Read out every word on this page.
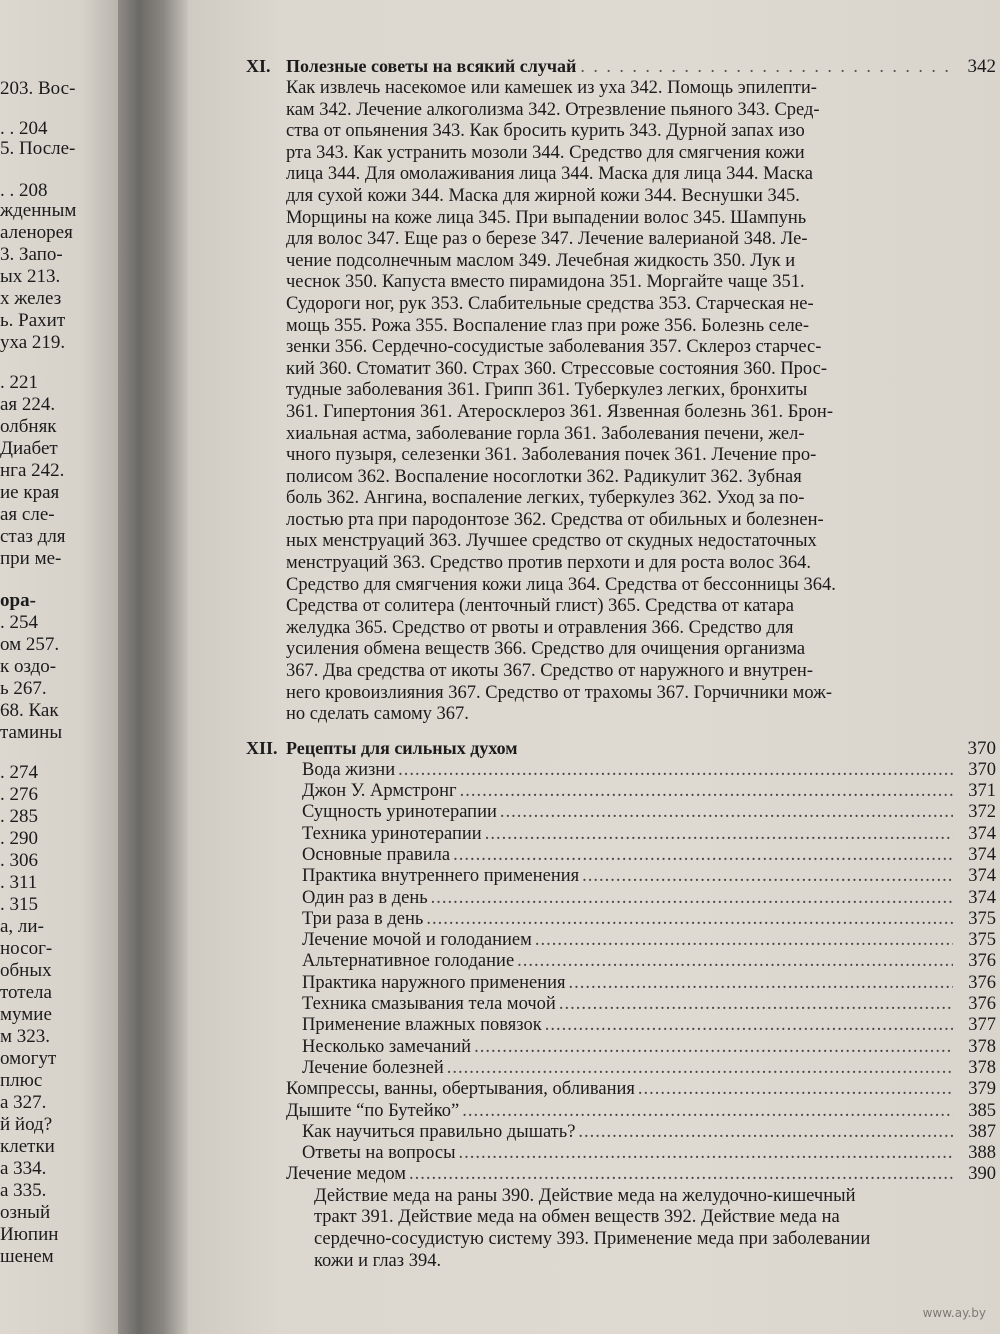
203. Вос-
. . 204
5. После-
. . 208
жденным
аленорея
3. Запо-
ых 213.
х желез
ь. Рахит
уха 219.
. 221
ая 224.
олбняк
Диабет
нга 242.
ие края
ая сле-
стаз для
при ме-
ора-
. 254
ом 257.
к оздо-
ь 267.
68. Как
тамины
. 274
. 276
. 285
. 290
. 306
. 311
. 315
а, ли-
носог-
обных
тотела
мумие
м 323.
омогут
плюс
а 327.
й йод?
клетки
а 334.
а 335.
озный
Июпин
шенем
XI. Полезные советы на всякий случай . . .	342
Как извлечь насекомое или камешек из уха 342. Помощь эпилепти-
кам 342. Лечение алкоголизма 342. Отрезвление пьяного 343. Сред-
ства от опьянения 343. Как бросить курить 343. Дурной запах изо
рта 343. Как устранить мозоли 344. Средство для смягчения кожи
лица 344. Для омолаживания лица 344. Маска для лица 344. Маска
для сухой кожи 344. Маска для жирной кожи 344. Веснушки 345.
Морщины на коже лица 345. При выпадении волос 345. Шампунь
для волос 347. Еще раз о березе 347. Лечение валерианой 348. Ле-
чение подсолнечным маслом 349. Лечебная жидкость 350. Лук и
чеснок 350. Капуста вместо пирамидона 351. Моргайте чаще 351.
Судороги ног, рук 353. Слабительные средства 353. Старческая не-
мощь 355. Рожа 355. Воспаление глаз при роже 356. Болезнь селе-
зенки 356. Сердечно-сосудистые заболевания 357. Склероз старчес-
кий 360. Стоматит 360. Страх 360. Стрессовые состояния 360. Прос-
тудные заболевания 361. Грипп 361. Туберкулез легких, бронхиты
361. Гипертония 361. Атеросклероз 361. Язвенная болезнь 361. Брон-
хиальная астма, заболевание горла 361. Заболевания печени, жел-
чного пузыря, селезенки 361. Заболевания почек 361. Лечение про-
полисом 362. Воспаление носоглотки 362. Радикулит 362. Зубная
боль 362. Ангина, воспаление легких, туберкулез 362. Уход за по-
лостью рта при пародонтозе 362. Средства от обильных и болезнен-
ных менструаций 363. Лучшее средство от скудных недостаточных
менструаций 363. Средство против перхоти и для роста волос 364.
Средство для смягчения кожи лица 364. Средства от бессонницы 364.
Средства от солитера (ленточный глист) 365. Средства от катара
желудка 365. Средство от рвоты и отравления 366. Средство для
усиления обмена веществ 366. Средство для очищения организма
367. Два средства от икоты 367. Средство от наружного и внутрен-
него кровоизлияния 367. Средство от трахомы 367. Горчичники мож-
но сделать самому 367.
XII. Рецепты для сильных духом	370
Вода жизни .....	370
Джон У. Армстронг .....	371
Сущность уринотерапии .....	372
Техника уринотерапии .....	374
Основные правила .....	374
Практика внутреннего применения .....	374
Один раз в день .....	374
Три раза в день .....	375
Лечение мочой и голоданием .....	375
Альтернативное голодание .....	376
Практика наружного применения .....	376
Техника смазывания тела мочой .....	376
Применение влажных повязок .....	377
Несколько замечаний .....	378
Лечение болезней .....	378
Компрессы, ванны, обертывания, обливания .....	379
Дышите “по Бутейко” .....	385
Как научиться правильно дышать? .....	387
Ответы на вопросы .....	388
Лечение медом .....	390
Действие меда на раны 390. Действие меда на желудочно-кишечный
тракт 391. Действие меда на обмен веществ 392. Действие меда на
сердечно-сосудистую систему 393. Применение меда при заболевании
кожи и глаз 394.
www.ay.by
